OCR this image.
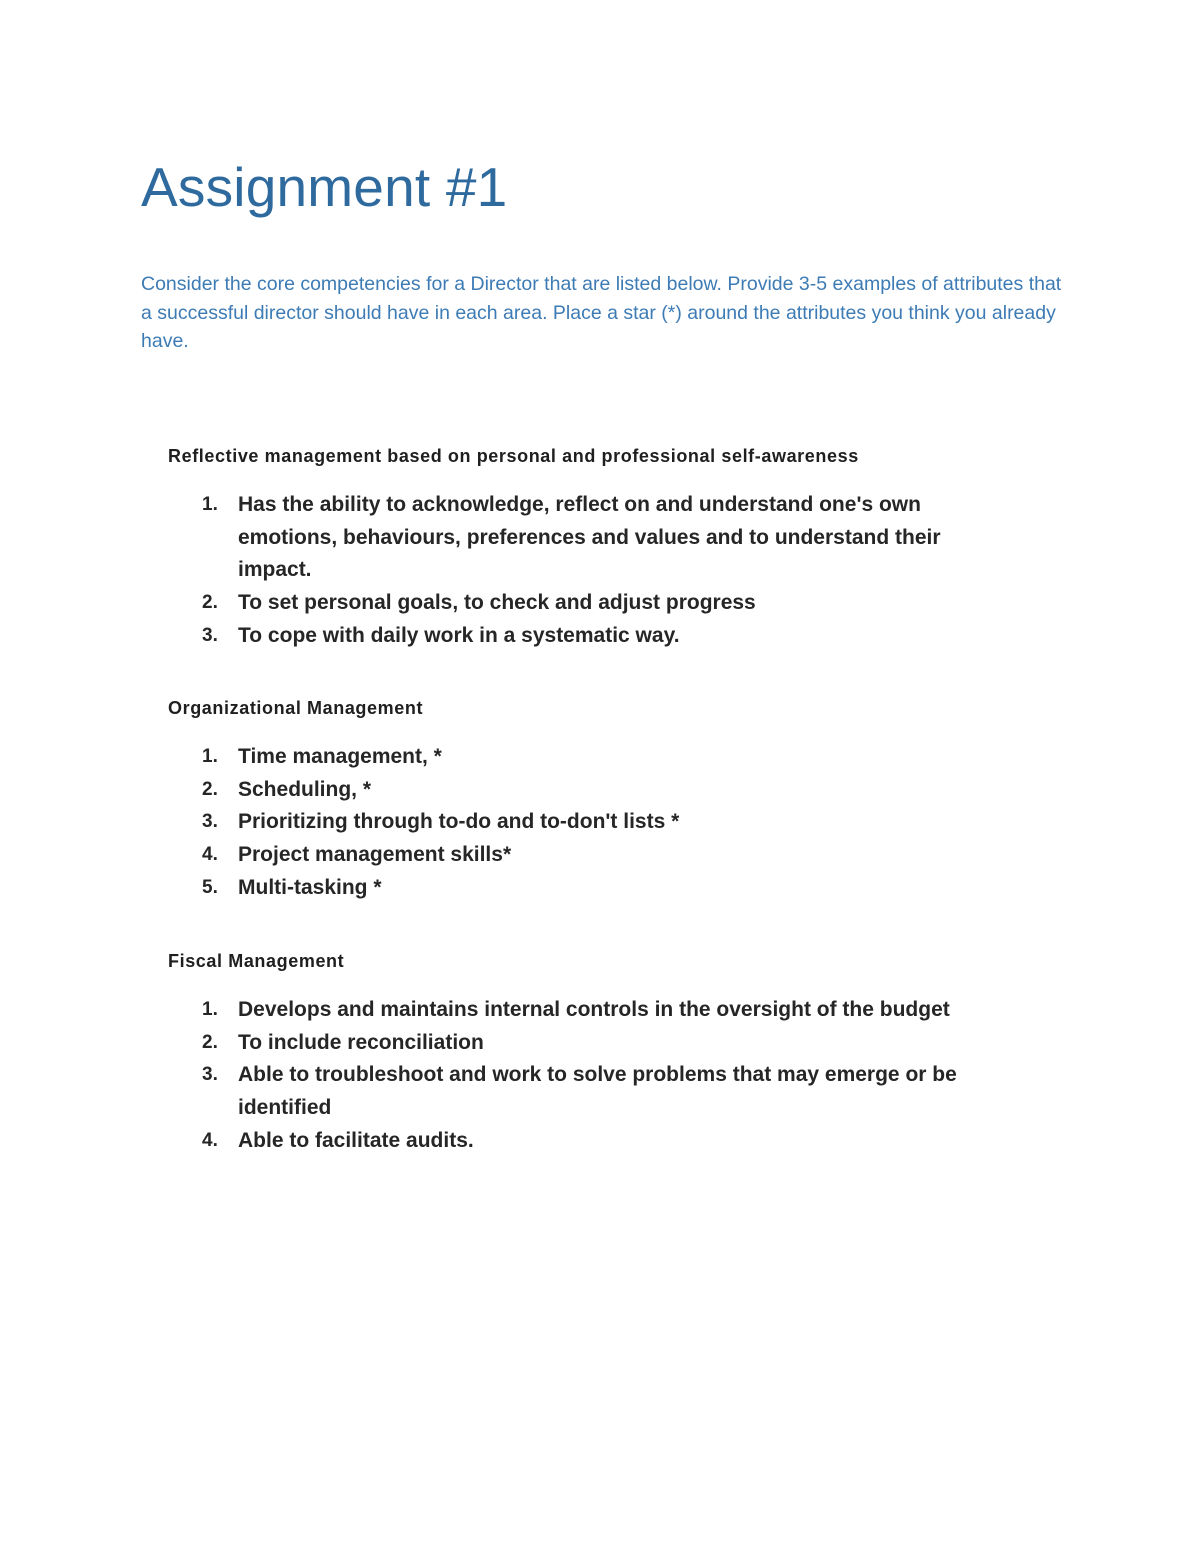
Assignment #1

Consider the core competencies for a Director that are listed below. Provide 3-5 examples of attributes that a successful director should have in each area. Place a star (*) around the attributes you think you already have.

Reflective management based on personal and professional self-awareness
1. Has the ability to acknowledge, reflect on and understand one's own emotions, behaviours, preferences and values and to understand their impact.
2. To set personal goals, to check and adjust progress
3. To cope with daily work in a systematic way.
Organizational Management
1. Time management, *
2. Scheduling, *
3. Prioritizing through to-do and to-don't lists *
4. Project management skills*
5. Multi-tasking *
Fiscal Management
1. Develops and maintains internal controls in the oversight of the budget
2. To include reconciliation
3. Able to troubleshoot and work to solve problems that may emerge or be identified
4. Able to facilitate audits.
